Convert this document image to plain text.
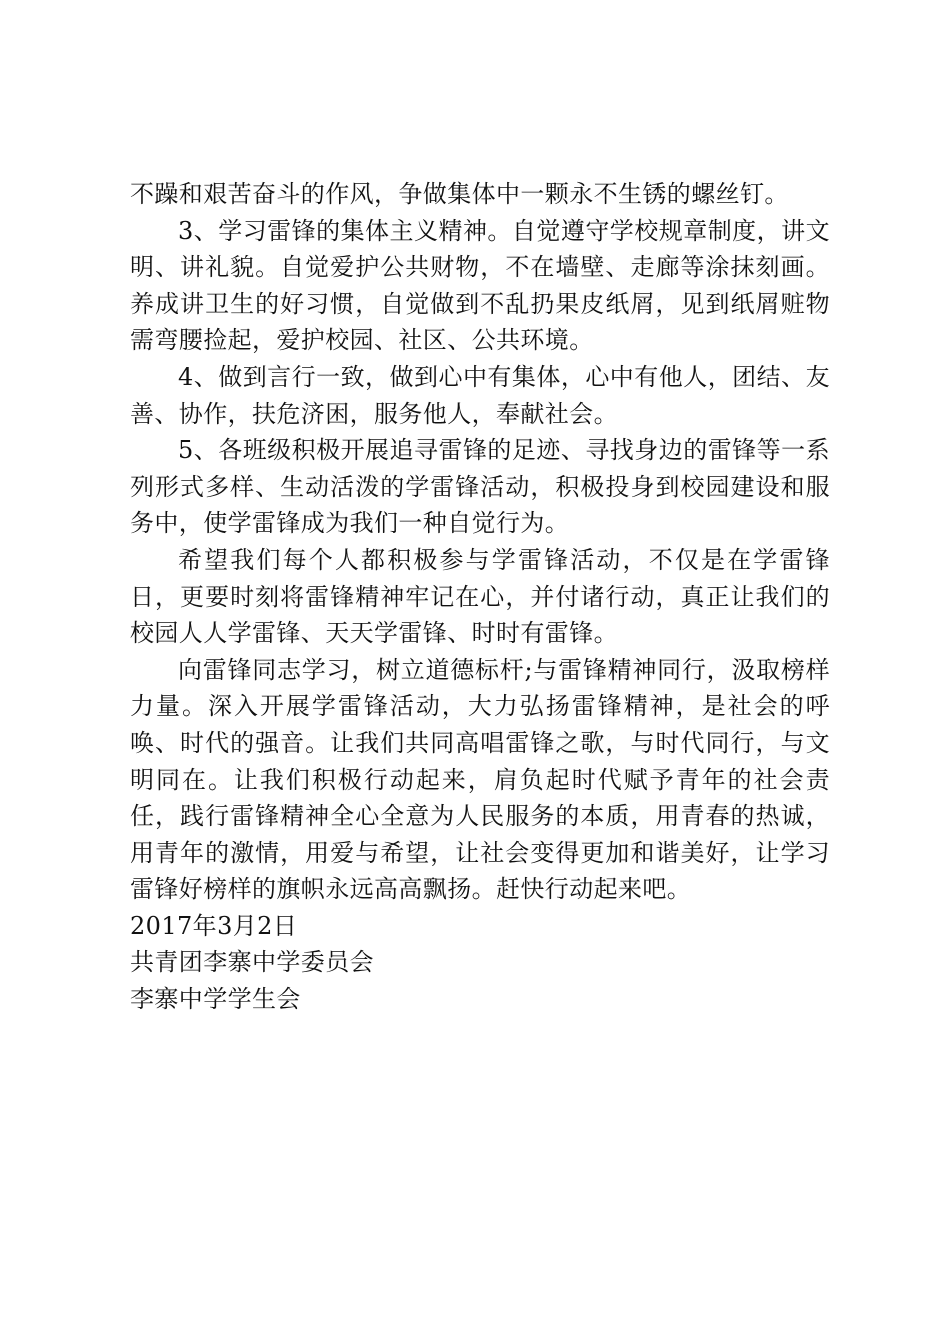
不躁和艰苦奋斗的作风，争做集体中一颗永不生锈的螺丝钉。

3、学习雷锋的集体主义精神。自觉遵守学校规章制度，讲文明、讲礼貌。自觉爱护公共财物，不在墙壁、走廊等涂抹刻画。养成讲卫生的好习惯，自觉做到不乱扔果皮纸屑，见到纸屑赃物需弯腰捡起，爱护校园、社区、公共环境。

4、做到言行一致，做到心中有集体，心中有他人，团结、友善、协作，扶危济困，服务他人，奉献社会。

5、各班级积极开展追寻雷锋的足迹、寻找身边的雷锋等一系列形式多样、生动活泼的学雷锋活动，积极投身到校园建设和服务中，使学雷锋成为我们一种自觉行为。

希望我们每个人都积极参与学雷锋活动，不仅是在学雷锋日，更要时刻将雷锋精神牢记在心，并付诸行动，真正让我们的校园人人学雷锋、天天学雷锋、时时有雷锋。

向雷锋同志学习，树立道德标杆;与雷锋精神同行，汲取榜样力量。深入开展学雷锋活动，大力弘扬雷锋精神，是社会的呼唤、时代的强音。让我们共同高唱雷锋之歌，与时代同行，与文明同在。让我们积极行动起来，肩负起时代赋予青年的社会责任，践行雷锋精神全心全意为人民服务的本质，用青春的热诚，用青年的激情，用爱与希望，让社会变得更加和谐美好，让学习雷锋好榜样的旗帜永远高高飘扬。赶快行动起来吧。

2017年3月2日

共青团李寨中学委员会

李寨中学学生会
